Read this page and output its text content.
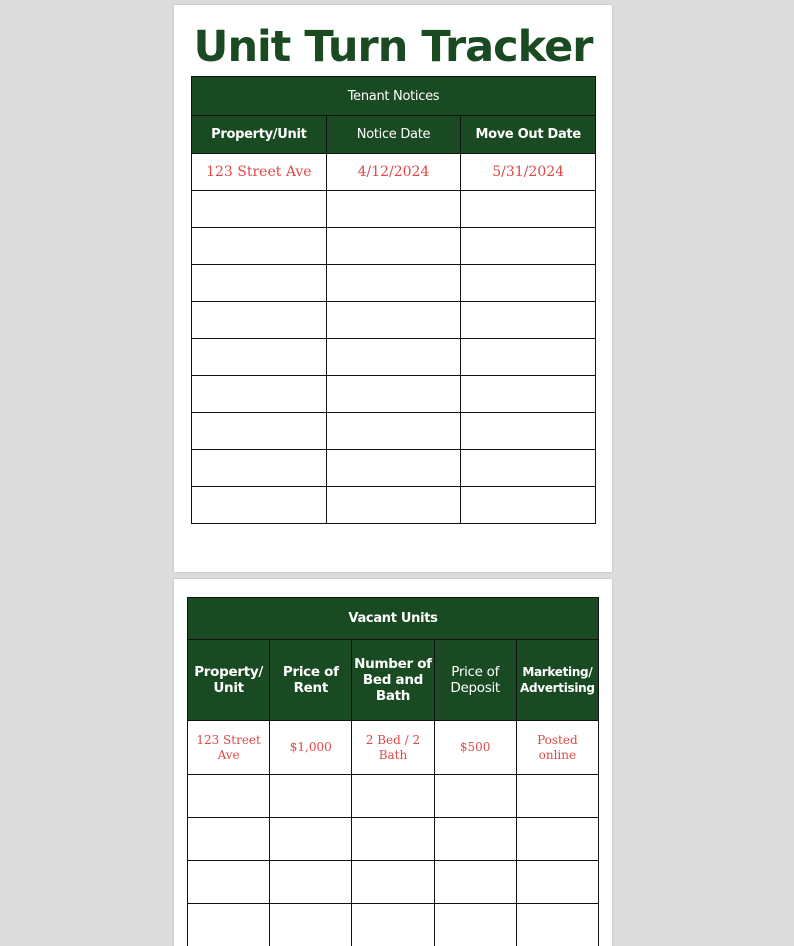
Unit Turn Tracker
Tenant Notices		
Property/Unit	Notice Date	Move Out Date
123 Street Ave	4/12/2024	5/31/2024

Vacant Units				
Property/ Unit	Price of Rent	Number of Bed and Bath	Price of Deposit	Marketing/ Advertising
123 Street Ave	$1,000	2 Bed / 2 Bath	$500	Posted online
